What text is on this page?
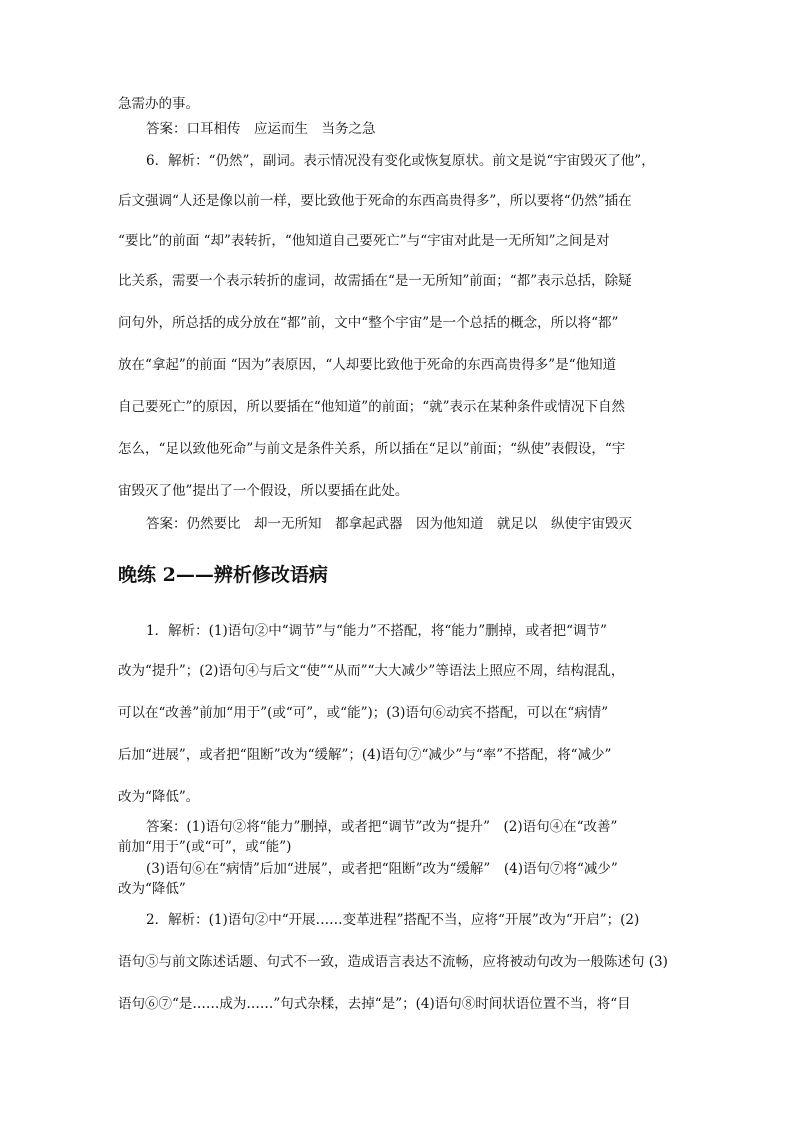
急需办的事。
答案：口耳相传　应运而生　当务之急
6．解析：“仍然”，副词。表示情况没有变化或恢复原状。前文是说“宇宙毁灭了他”，
后文强调“人还是像以前一样，要比致他于死命的东西高贵得多”，所以要将“仍然”插在
“要比”的前面 “却”表转折，“他知道自己要死亡”与“宇宙对此是一无所知”之间是对
比关系，需要一个表示转折的虚词，故需插在“是一无所知”前面；“都”表示总括，除疑
问句外，所总括的成分放在“都”前，文中“整个宇宙”是一个总括的概念，所以将“都”
放在“拿起”的前面 “因为”表原因，“人却要比致他于死命的东西高贵得多”是“他知道
自己要死亡”的原因，所以要插在“他知道”的前面；“就”表示在某种条件或情况下自然
怎么，“足以致他死命”与前文是条件关系，所以插在“足以”前面；“纵使”表假设，“宇
宙毁灭了他”提出了一个假设，所以要插在此处。
答案：仍然要比　却一无所知　都拿起武器　因为他知道　就足以　纵使宇宙毁灭
晚练 2——辨析修改语病
1．解析：(1)语句②中“调节”与“能力”不搭配，将“能力”删掉，或者把“调节”
改为“提升”；(2)语句④与后文“使”“从而”“大大减少”等语法上照应不周，结构混乱，
可以在“改善”前加“用于”(或“可”，或“能”)；(3)语句⑥动宾不搭配，可以在“病情”
后加“进展”，或者把“阻断”改为“缓解”；(4)语句⑦“减少”与“率”不搭配，将“减少”
改为“降低”。
答案：(1)语句②将“能力”删掉，或者把“调节”改为“提升”　(2)语句④在“改善”
前加“用于”(或“可”，或“能”)
(3)语句⑥在“病情”后加“进展”，或者把“阻断”改为“缓解”　(4)语句⑦将“减少”
改为“降低”
2．解析：(1)语句②中“开展……变革进程”搭配不当，应将“开展”改为“开启”；(2)
语句⑤与前文陈述话题、句式不一致，造成语言表达不流畅，应将被动句改为一般陈述句 (3)
语句⑥⑦“是……成为……”句式杂糅，去掉“是”；(4)语句⑧时间状语位置不当，将“目
